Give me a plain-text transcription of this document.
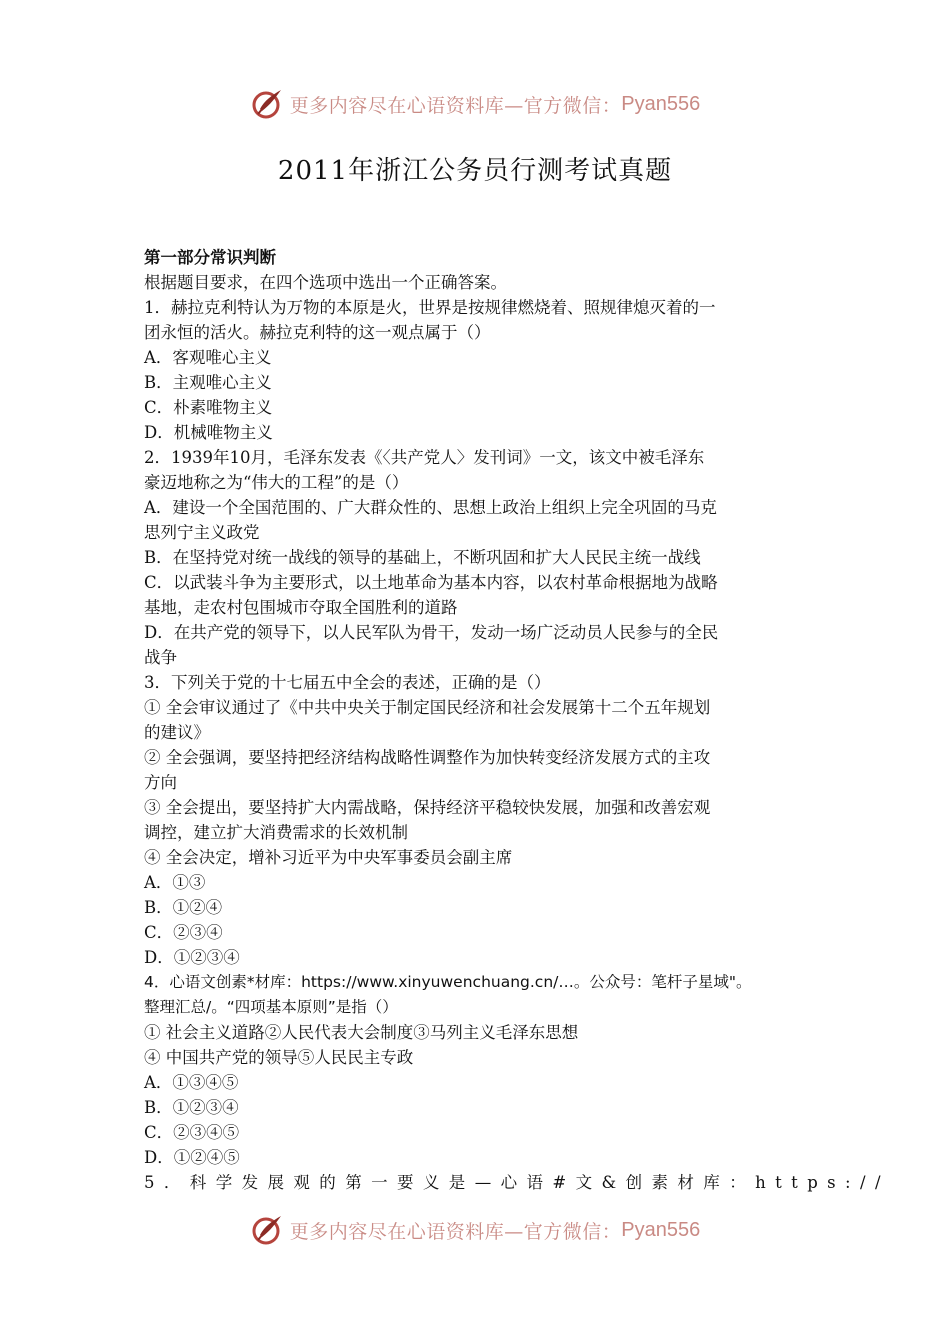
更多内容尽在心语资料库—官方微信： Pyan556
2011年浙江公务员行测考试真题
第一部分常识判断
根据题目要求，在四个选项中选出一个正确答案。
1．赫拉克利特认为万物的本原是火，世界是按规律燃烧着、照规律熄灭着的一
团永恒的活火。赫拉克利特的这一观点属于（）
A．客观唯心主义
B．主观唯心主义
C．朴素唯物主义
D．机械唯物主义
2．1939年10月，毛泽东发表《〈共产党人〉发刊词》一文，该文中被毛泽东
豪迈地称之为“伟大的工程”的是（）
A．建设一个全国范围的、广大群众性的、思想上政治上组织上完全巩固的马克
思列宁主义政党
B．在坚持党对统一战线的领导的基础上，不断巩固和扩大人民民主统一战线
C．以武装斗争为主要形式，以土地革命为基本内容，以农村革命根据地为战略
基地，走农村包围城市夺取全国胜利的道路
D．在共产党的领导下，以人民军队为骨干，发动一场广泛动员人民参与的全民
战争
3．下列关于党的十七届五中全会的表述，正确的是（）
① 全会审议通过了《中共中央关于制定国民经济和社会发展第十二个五年规划
的建议》
② 全会强调，要坚持把经济结构战略性调整作为加快转变经济发展方式的主攻
方向
③ 全会提出，要坚持扩大内需战略，保持经济平稳较快发展，加强和改善宏观
调控，建立扩大消费需求的长效机制
④ 全会决定，增补习近平为中央军事委员会副主席
A．①③
B．①②④
C．②③④
D．①②③④
4．心语文创素*材库：https://www.xinyuwenchuang.cn/…。公众号：笔杆子星域"。
整理汇总/。“四项基本原则”是指（）
① 社会主义道路②人民代表大会制度③马列主义毛泽东思想
④ 中国共产党的领导⑤人民民主专政
A．①③④⑤
B．①②③④
C．②③④⑤
D．①②④⑤
5．科学发展观的第一要义是—心语#文&创素材库：https://
更多内容尽在心语资料库—官方微信： Pyan556
